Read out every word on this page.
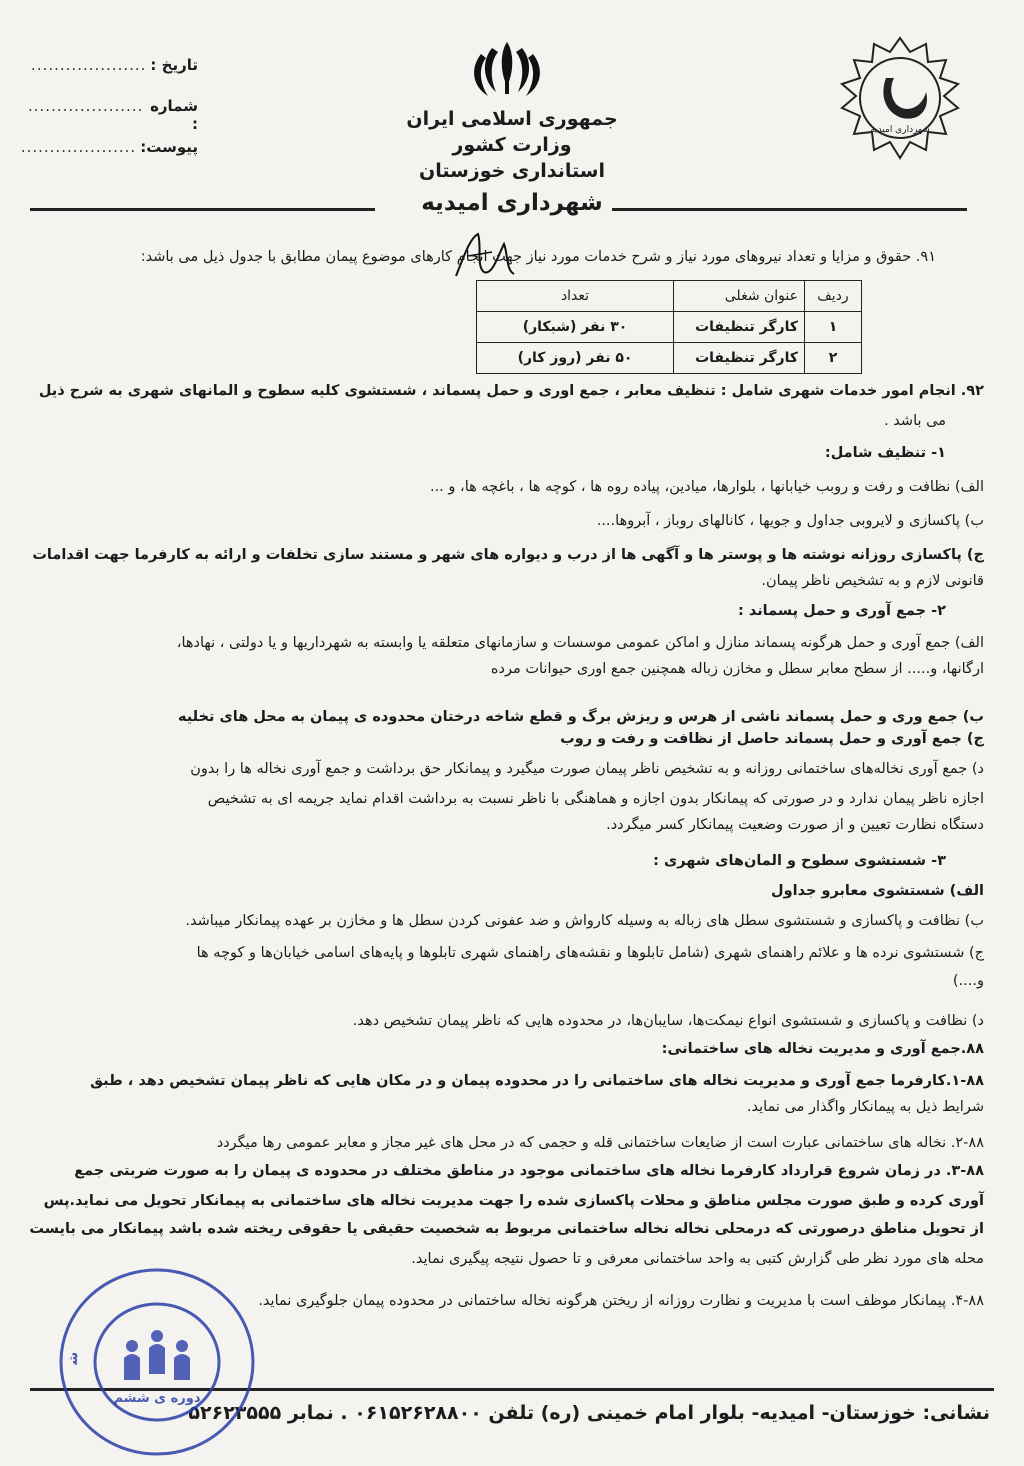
تاریخ :
....................
شماره :
....................
پیوست:
....................
جمهوری اسلامی ایران
وزارت کشور
استانداری خوزستان
شهرداری امیدیه
شهرداری امیدیه
۹۱. حقوق و مزایا و تعداد نیروهای مورد نیاز و شرح خدمات مورد نیاز جهت انجام کارهای موضوع پیمان مطابق با جدول ذیل می باشد:
ردیف	عنوان شغلی	تعداد
۱	کارگر تنظیفات	۳۰ نفر (شبکار)
۲	کارگر تنظیفات	۵۰ نفر (روز کار)
۹۲. انجام امور خدمات شهری شامل : تنظیف معابر ، جمع اوری و حمل پسماند ، شستشوی کلیه سطوح و المانهای شهری به شرح ذیل
می باشد .
۱- تنظیف شامل:
الف) نظافت و رفت و روبب خیابانها ، بلوارها، میادین، پیاده روه ها ، کوچه ها ، باغچه ها، و ...
ب) پاکسازی و لایروبی جداول و جویها ، کانالهای روباز ، آبروها....
ج) پاکسازی روزانه نوشته ها و پوستر ها و آگهی ها از درب و دیواره های شهر و مستند سازی تخلفات و ارائه به کارفرما جهت اقدامات
قانونی لازم و به تشخیص ناظر پیمان.
۲- جمع آوری و حمل پسماند :
الف) جمع آوری و حمل هرگونه پسماند منازل و اماکن عمومی موسسات و سازمانهای متعلقه یا وابسته به شهرداریها و یا دولتی ، نهادها،
ارگانها، و..... از سطح معابر سطل و مخازن زباله همچنین جمع اوری حیوانات مرده
ب) جمع وری و حمل پسماند ناشی از هرس و ریزش برگ و قطع شاخه درختان محدوده ی پیمان به محل های تخلیه
ج) جمع آوری و حمل پسماند حاصل از نظافت و رفت و روب
د) جمع آوری نخاله‌های ساختمانی روزانه و به تشخیص ناظر پیمان صورت میگیرد و پیمانکار حق برداشت و جمع آوری نخاله ها را بدون
اجازه ناظر پیمان ندارد و در صورتی که پیمانکار بدون اجازه و هماهنگی با ناظر نسبت به برداشت اقدام نماید جریمه ای به تشخیص
دستگاه نظارت تعیین و از صورت وضعیت پیمانکار کسر میگردد.
۳- شستشوی سطوح و المان‌های شهری :
الف) شستشوی معابرو جداول
ب) نظافت و پاکسازی و شستشوی سطل های زباله به وسیله کارواش و ضد عفونی کردن سطل ها و مخازن بر عهده پیمانکار میباشد.
ج) شستشوی نرده ها و علائم راهنمای شهری (شامل تابلوها و نقشه‌های راهنمای شهری تابلوها و پایه‌های اسامی خیابان‌ها و کوچه ها
و....)
د) نظافت و پاکسازی و شستشوی انواع نیمکت‌ها، سایبان‌ها، در محدوده هایی که ناظر پیمان تشخیص دهد.
۸۸.جمع آوری و مدیریت نخاله های ساختمانی:
۱-۸۸.کارفرما جمع آوری و مدیریت نخاله های ساختمانی را در محدوده پیمان و در مکان هایی که ناظر پیمان تشخیص دهد ، طبق
شرایط ذیل به پیمانکار واگذار می نماید.
۲-۸۸. نخاله های ساختمانی عبارت است از ضایعات ساختمانی قله و حجمی که در محل های غیر مجاز و معابر عمومی رها میگردد
۳-۸۸. در زمان شروع قرارداد کارفرما نخاله های ساختمانی موجود در مناطق مختلف در محدوده ی پیمان را به صورت ضربتی جمع
آوری کرده و طبق صورت مجلس مناطق و محلات پاکسازی شده را جهت مدیریت نخاله های ساختمانی به پیمانکار تحویل می نماید.پس
از تحویل مناطق درصورتی که درمحلی نخاله نخاله ساختمانی مربوط به شخصیت حقیقی یا حقوقی ریخته شده باشد پیمانکار می بایست
محله های مورد نظر طی گزارش کتبی به واحد ساختمانی معرفی و تا حصول نتیجه پیگیری نماید.
۴-۸۸. پیمانکار موظف است با مدیریت و نظارت روزانه از ریختن هرگونه نخاله ساختمانی در محدوده پیمان جلوگیری نماید.
نشانی: خوزستان- امیدیه- بلوار امام خمینی (ره) تلفن ۰۶۱۵۲۶۲۸۸۰۰ . نمابر ۵۲۶۲۳۵۵۵
ش
دوره ی ششم
